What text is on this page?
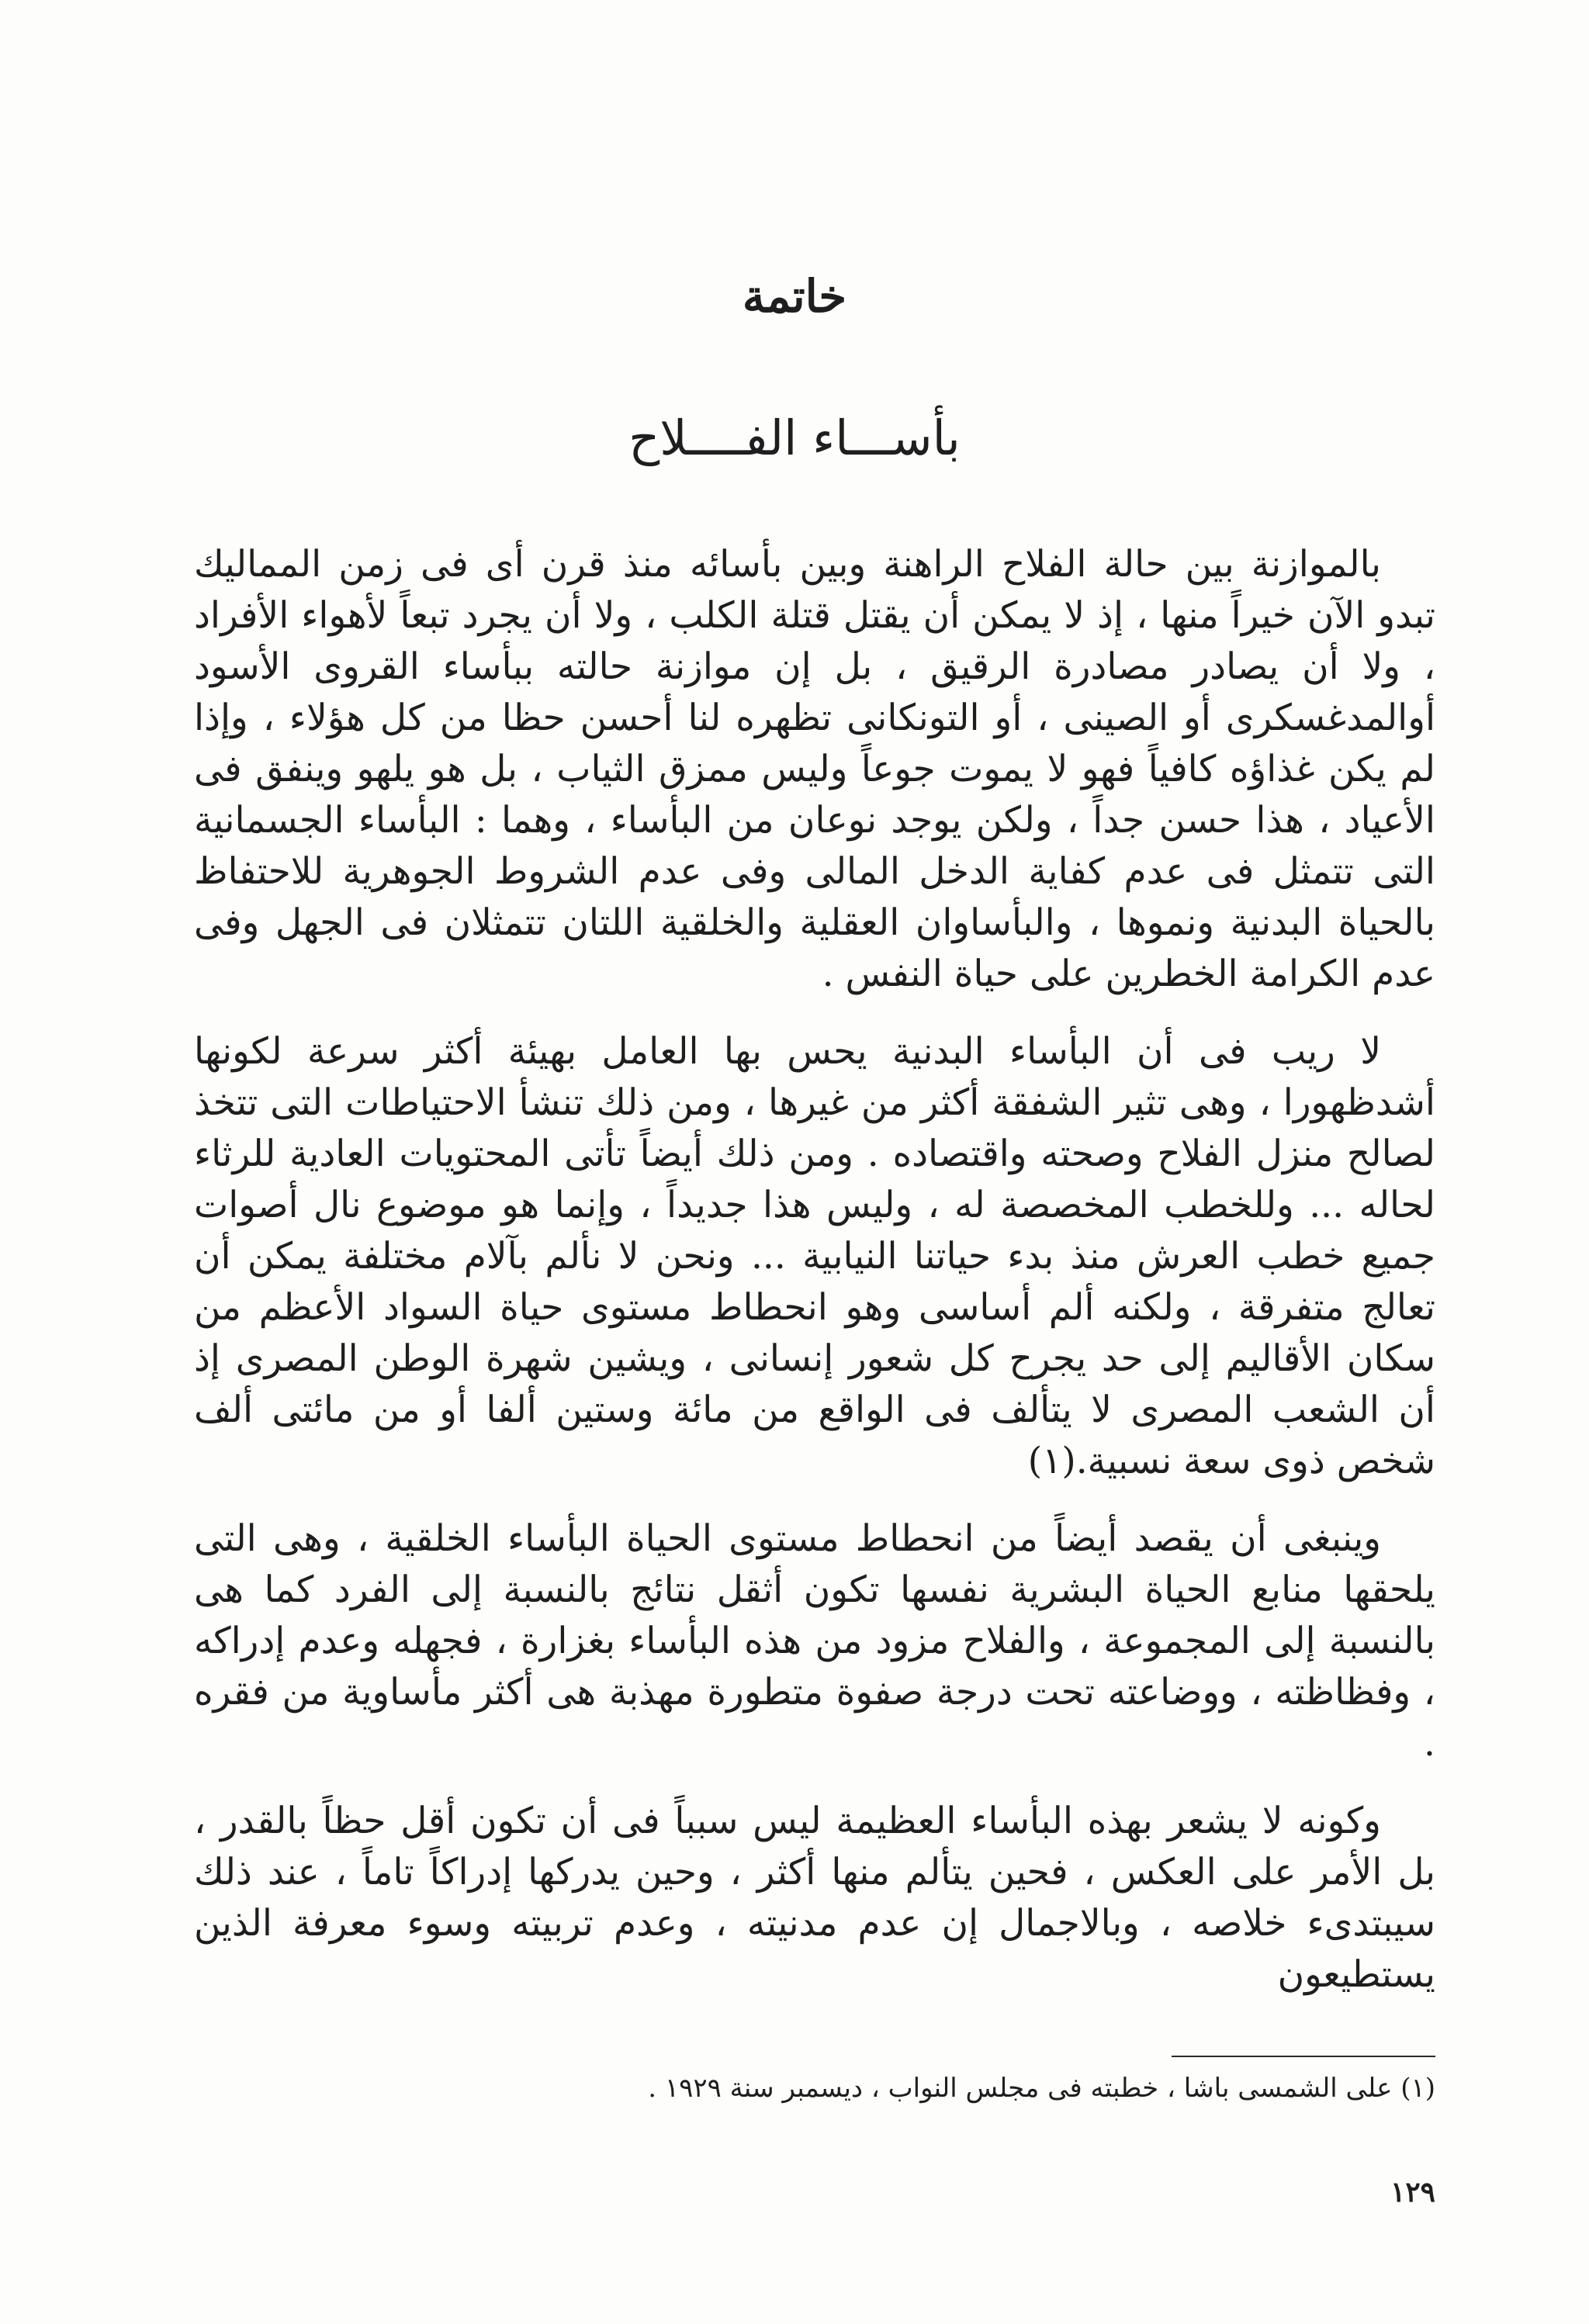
خاتمة
بأســـاء الفــــلاح

بالموازنة بين حالة الفلاح الراهنة وبين بأسائه منذ قرن أى فى زمن المماليك تبدو الآن خيراً منها ، إذ لا يمكن أن يقتل قتلة الكلب ، ولا أن يجرد تبعاً لأهواء الأفراد ، ولا أن يصادر مصادرة الرقيق ، بل إن موازنة حالته ببأساء القروى الأسود أوالمدغسكرى أو الصينى ، أو التونكانى تظهره لنا أحسن حظا من كل هؤلاء ، وإذا لم يكن غذاؤه كافياً فهو لا يموت جوعاً وليس ممزق الثياب ، بل هو يلهو وينفق فى الأعياد ، هذا حسن جداً ، ولكن يوجد نوعان من البأساء ، وهما : البأساء الجسمانية التى تتمثل فى عدم كفاية الدخل المالى وفى عدم الشروط الجوهرية للاحتفاظ بالحياة البدنية ونموها ، والبأساوان العقلية والخلقية اللتان تتمثلان فى الجهل وفى عدم الكرامة الخطرين على حياة النفس .

لا ريب فى أن البأساء البدنية يحس بها العامل بهيئة أكثر سرعة لكونها أشدظهورا ، وهى تثير الشفقة أكثر من غيرها ، ومن ذلك تنشأ الاحتياطات التى تتخذ لصالح منزل الفلاح وصحته واقتصاده . ومن ذلك أيضاً تأتى المحتويات العادية للرثاء لحاله ... وللخطب المخصصة له ، وليس هذا جديداً ، وإنما هو موضوع نال أصوات جميع خطب العرش منذ بدء حياتنا النيابية ... ونحن لا نألم بآلام مختلفة يمكن أن تعالج متفرقة ، ولكنه ألم أساسى وهو انحطاط مستوى حياة السواد الأعظم من سكان الأقاليم إلى حد يجرح كل شعور إنسانى ، ويشين شهرة الوطن المصرى إذ أن الشعب المصرى لا يتألف فى الواقع من مائة وستين ألفا أو من مائتى ألف شخص ذوى سعة نسبية.(١)

وينبغى أن يقصد أيضاً من انحطاط مستوى الحياة البأساء الخلقية ، وهى التى يلحقها منابع الحياة البشرية نفسها تكون أثقل نتائج بالنسبة إلى الفرد كما هى بالنسبة إلى المجموعة ، والفلاح مزود من هذه البأساء بغزارة ، فجهله وعدم إدراكه ، وفظاظته ، ووضاعته تحت درجة صفوة متطورة مهذبة هى أكثر مأساوية من فقره .

وكونه لا يشعر بهذه البأساء العظيمة ليس سبباً فى أن تكون أقل حظاً بالقدر ، بل الأمر على العكس ، فحين يتألم منها أكثر ، وحين يدركها إدراكاً تاماً ، عند ذلك سيبتدىء خلاصه ، وبالاجمال إن عدم مدنيته ، وعدم تربيته وسوء معرفة الذين يستطيعون

(١) على الشمسى باشا ، خطبته فى مجلس النواب ، ديسمبر سنة ١٩٢٩ .
١٢٩
